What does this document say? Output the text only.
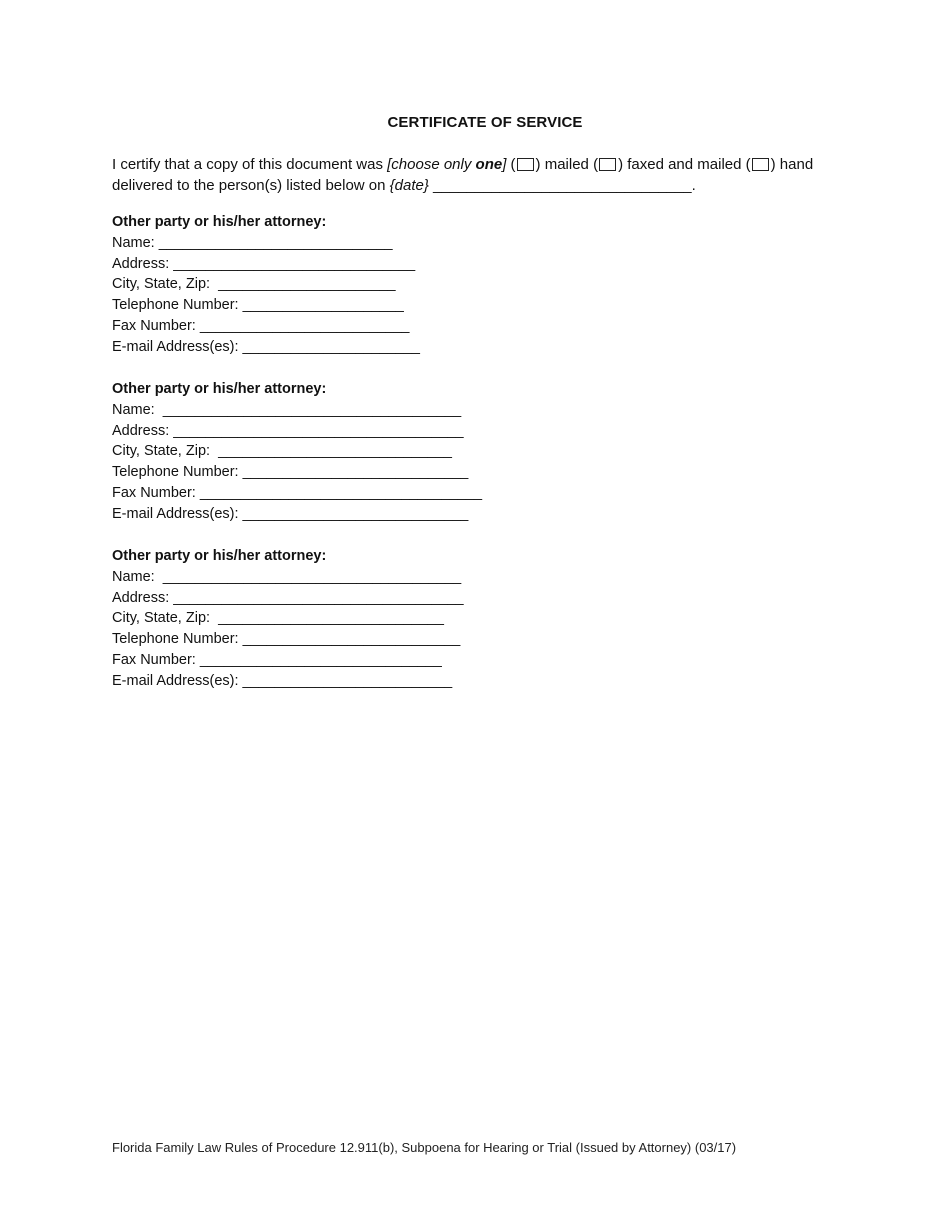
CERTIFICATE OF SERVICE
I certify that a copy of this document was [choose only one] ( ) mailed ( ) faxed and mailed ( ) hand delivered to the person(s) listed below on {date} _______________________________.
Other party or his/her attorney:
Name: _____________________________
Address: ______________________________
City, State, Zip:  ______________________
Telephone Number: ____________________
Fax Number: __________________________
E-mail Address(es): ______________________
Other party or his/her attorney:
Name:  _____________________________________
Address: ____________________________________
City, State, Zip:  _____________________________
Telephone Number: ____________________________
Fax Number: ___________________________________
E-mail Address(es): ____________________________
Other party or his/her attorney:
Name:  _____________________________________
Address: ____________________________________
City, State, Zip:  ____________________________
Telephone Number: ___________________________
Fax Number: ______________________________
E-mail Address(es): __________________________
Florida Family Law Rules of Procedure 12.911(b), Subpoena for Hearing or Trial (Issued by Attorney) (03/17)
